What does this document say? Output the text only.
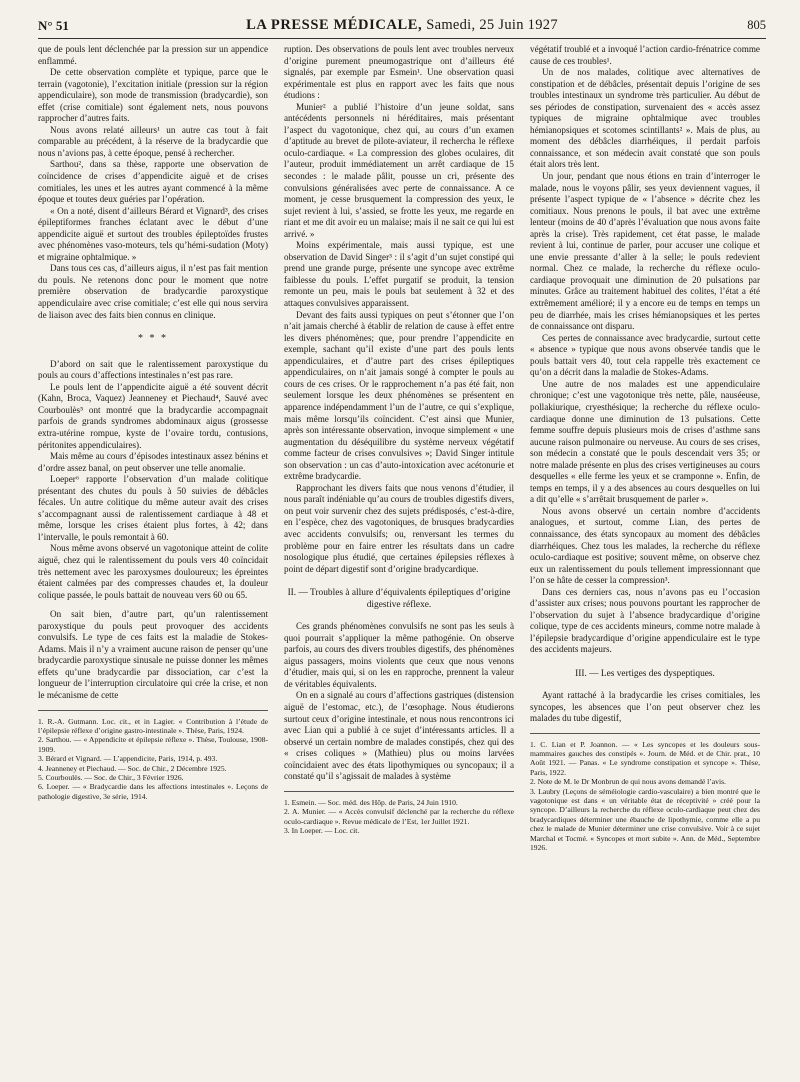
N° 51	LA PRESSE MÉDICALE, Samedi, 25 Juin 1927	805

que de pouls lent déclenchée par la pression sur un appendice enflammé.

De cette observation complète et typique, parce que le terrain (vagotonie), l’excitation initiale (pression sur la région appendiculaire), son mode de transmission (bradycardie), son effet (crise comitiale) sont également nets, nous pouvons rapprocher d’autres faits.

Nous avons relaté ailleurs¹ un autre cas tout à fait comparable au précédent, à la réserve de la bradycardie que nous n’avions pas, à cette époque, pensé à rechercher.

Sarthou², dans sa thèse, rapporte une observation de coïncidence de crises d’appendicite aiguë et de crises comitiales, les unes et les autres ayant commencé à la même époque et toutes deux guéries par l’opération.

« On a noté, disent d’ailleurs Bérard et Vignard³, des crises épileptiformes franches éclatant avec le début d’une appendicite aiguë et surtout des troubles épileptoïdes frustes avec phénomènes vaso-moteurs, tels qu’hémi-sudation (Moty) et migraine ophtalmique. »

Dans tous ces cas, d’ailleurs aigus, il n’est pas fait mention du pouls. Ne retenons donc pour le moment que notre première observation de bradycardie paroxystique appendiculaire avec crise comitiale; c’est elle qui nous servira de liaison avec des faits bien connus en clinique.

* * *

D’abord on sait que le ralentissement paroxystique du pouls au cours d’affections intestinales n’est pas rare.

Le pouls lent de l’appendicite aiguë a été souvent décrit (Kahn, Broca, Vaquez) Jeanneney et Piechaud⁴, Sauvé avec Courboulès⁵ ont montré que la bradycardie accompagnait parfois de grands syndromes abdominaux aigus (grossesse extra-utérine rompue, kyste de l’ovaire tordu, contusions, péritonites appendiculaires).

Mais même au cours d’épisodes intestinaux assez bénins et d’ordre assez banal, on peut observer une telle anomalie.

Loeper⁶ rapporte l’observation d’un malade colitique présentant des chutes du pouls à 50 suivies de débâcles fécales. Un autre colitique du même auteur avait des crises s’accompagnant aussi de ralentissement cardiaque à 48 et même, lorsque les crises étaient plus fortes, à 42; dans l’intervalle, le pouls remontait à 60.

Nous même avons observé un vagotonique atteint de colite aiguë, chez qui le ralentissement du pouls vers 40 coïncidait très nettement avec les paroxysmes douloureux; les épreintes étaient calmées par des compresses chaudes et, la douleur colique passée, le pouls battait de nouveau vers 60 ou 65.

On sait bien, d’autre part, qu’un ralentissement paroxystique du pouls peut provoquer des accidents convulsifs. Le type de ces faits est la maladie de Stokes-Adams. Mais il n’y a vraiment aucune raison de penser qu’une bradycardie paroxystique sinusale ne puisse donner les mêmes effets qu’une bradycardie par dissociation, car c’est la longueur de l’interruption circulatoire qui crée la crise, et non le mécanisme de cette

1. R.-A. Gutmann. Loc. cit., et in Lagier. « Contribution à l’étude de l’épilepsie réflexe d’origine gastro-intestinale ». Thèse, Paris, 1924.

2. Sarthou. — « Appendicite et épilepsie réflexe ». Thèse, Toulouse, 1908-1909.

3. Bérard et Vignard. — L’appendicite, Paris, 1914, p. 493.

4. Jeanneney et Piechaud. — Soc. de Chir., 2 Décembre 1925.

5. Courboulès. — Soc. de Chir., 3 Février 1926.

6. Loeper. — « Bradycardie dans les affections intestinales ». Leçons de pathologie digestive, 3e série, 1914.

ruption. Des observations de pouls lent avec troubles nerveux d’origine purement pneumogastrique ont d’ailleurs été signalés, par exemple par Esmein¹. Une observation quasi expérimentale est plus en rapport avec les faits que nous étudions :

Munier² a publié l’histoire d’un jeune soldat, sans antécédents personnels ni héréditaires, mais présentant l’aspect du vagotonique, chez qui, au cours d’un examen d’aptitude au brevet de pilote-aviateur, il rechercha le réflexe oculo-cardiaque. « La compression des globes oculaires, dit l’auteur, produit immédiatement un arrêt cardiaque de 15 secondes : le malade pâlit, pousse un cri, présente des convulsions généralisées avec perte de connaissance. A ce moment, je cesse brusquement la compression des yeux, le sujet revient à lui, s’assied, se frotte les yeux, me regarde en riant et me dit avoir eu un malaise; mais il ne sait ce qui lui est arrivé. »

Moins expérimentale, mais aussi typique, est une observation de David Singer³ : il s’agit d’un sujet constipé qui prend une grande purge, présente une syncope avec extrême faiblesse du pouls. L’effet purgatif se produit, la tension remonte un peu, mais le pouls bat seulement à 32 et des attaques convulsives apparaissent.

Devant des faits aussi typiques on peut s’étonner que l’on n’ait jamais cherché à établir de relation de cause à effet entre les divers phénomènes; que, pour prendre l’appendicite en exemple, sachant qu’il existe d’une part des pouls lents appendiculaires, et d’autre part des crises épileptiques appendiculaires, on n’ait jamais songé à compter le pouls au cours de ces crises. Or le rapprochement n’a pas été fait, non seulement lorsque les deux phénomènes se présentent en apparence indépendamment l’un de l’autre, ce qui s’explique, mais même lorsqu’ils coïncident. C’est ainsi que Munier, après son intéressante observation, invoque simplement « une augmentation du déséquilibre du système nerveux végétatif comme facteur de crises convulsives »; David Singer intitule son observation : un cas d’auto-intoxication avec acétonurie et extrême bradycardie.

Rapprochant les divers faits que nous venons d’étudier, il nous paraît indéniable qu’au cours de troubles digestifs divers, on peut voir survenir chez des sujets prédisposés, c’est-à-dire, en l’espèce, chez des vagotoniques, de brusques bradycardies avec accidents convulsifs; ou, renversant les termes du problème pour en faire entrer les résultats dans un cadre nosologique plus étudié, que certaines épilepsies réflexes à point de départ digestif sont d’origine bradycardique.

II. — Troubles à allure d’équivalents épileptiques d’origine digestive réflexe.

Ces grands phénomènes convulsifs ne sont pas les seuls à quoi pourrait s’appliquer la même pathogénie. On observe parfois, au cours des divers troubles digestifs, des phénomènes aigus passagers, moins violents que ceux que nous venons d’étudier, mais qui, si on les en rapproche, prennent la valeur de véritables équivalents.

On en a signalé au cours d’affections gastriques (distension aiguë de l’estomac, etc.), de l’œsophage. Nous étudierons surtout ceux d’origine intestinale, et nous nous rencontrons ici avec Lian qui a publié à ce sujet d’intéressants articles. Il a observé un certain nombre de malades constipés, chez qui des « crises coliques » (Mathieu) plus ou moins larvées coïncidaient avec des états lipothymiques ou syncopaux; il a constaté qu’il s’agissait de malades à système

1. Esmein. — Soc. méd. des Hôp. de Paris, 24 Juin 1910.

2. A. Munier. — « Accès convulsif déclenché par la recherche du réflexe oculo-cardiaque ». Revue médicale de l’Est, 1er Juillet 1921.

3. In Loeper. — Loc. cit.

végétatif troublé et a invoqué l’action cardio-frénatrice comme cause de ces troubles¹.

Un de nos malades, colitique avec alternatives de constipation et de débâcles, présentait depuis l’origine de ses troubles intestinaux un syndrome très particulier. Au début de ses périodes de constipation, survenaient des « accès assez typiques de migraine ophtalmique avec troubles hémianopsiques et scotomes scintillants² ». Mais de plus, au moment des débâcles diarrhéiques, il perdait parfois connaissance, et son médecin avait constaté que son pouls était alors très lent.

Un jour, pendant que nous étions en train d’interroger le malade, nous le voyons pâlir, ses yeux deviennent vagues, il présente l’aspect typique de « l’absence » décrite chez les comitiaux. Nous prenons le pouls, il bat avec une extrême lenteur (moins de 40 d’après l’évaluation que nous avons faite après la crise). Très rapidement, cet état passe, le malade revient à lui, continue de parler, pour accuser une colique et une envie pressante d’aller à la selle; le pouls redevient normal. Chez ce malade, la recherche du réflexe oculo-cardiaque provoquait une diminution de 20 pulsations par minutes. Grâce au traitement habituel des colites, l’état a été extrêmement amélioré; il y a encore eu de temps en temps un peu de diarrhée, mais les crises hémianopsiques et les pertes de connaissance ont disparu.

Ces pertes de connaissance avec bradycardie, surtout cette « absence » typique que nous avons observée tandis que le pouls battait vers 40, tout cela rappelle très exactement ce qu’on a décrit dans la maladie de Stokes-Adams.

Une autre de nos malades est une appendiculaire chronique; c’est une vagotonique très nette, pâle, nauséeuse, pollakiurique, cryesthésique; la recherche du réflexe oculo-cardiaque donne une diminution de 13 pulsations. Cette femme souffre depuis plusieurs mois de crises d’asthme sans aucune raison pulmonaire ou nerveuse. Au cours de ses crises, son médecin a constaté que le pouls descendait vers 35; or notre malade présente en plus des crises vertigineuses au cours desquelles « elle ferme les yeux et se cramponne ». Enfin, de temps en temps, il y a des absences au cours desquelles on lui a dit qu’elle « s’arrêtait brusquement de parler ».

Nous avons observé un certain nombre d’accidents analogues, et surtout, comme Lian, des pertes de connaissance, des états syncopaux au moment des débâcles diarrhéiques. Chez tous les malades, la recherche du réflexe oculo-cardiaque est positive; souvent même, on observe chez eux un ralentissement du pouls tellement impressionnant que l’on se hâte de cesser la compression³.

Dans ces derniers cas, nous n’avons pas eu l’occasion d’assister aux crises; nous pouvons pourtant les rapprocher de l’observation du sujet à l’absence bradycardique d’origine colique, type de ces accidents mineurs, comme notre malade à l’épilepsie bradycardique d’origine appendiculaire est le type des accidents majeurs.

III. — Les vertiges des dyspeptiques.

Ayant rattaché à la bradycardie les crises comitiales, les syncopes, les absences que l’on peut observer chez les malades du tube digestif,

1. C. Lian et P. Joannon. — « Les syncopes et les douleurs sous-mammaires gauches des constipés ». Journ. de Méd. et de Chir. prat., 10 Août 1921. — Panas. « Le syndrome constipation et syncope ». Thèse, Paris, 1922.

2. Note de M. le Dr Monbrun de qui nous avons demandé l’avis.

3. Laubry (Leçons de séméiologie cardio-vasculaire) a bien montré que le vagotonique est dans « un véritable état de réceptivité » créé pour la syncope. D’ailleurs la recherche du réflexe oculo-cardiaque peut chez des bradycardiques déterminer une ébauche de lipothymie, comme elle a pu chez le malade de Munier déterminer une crise convulsive. Voir à ce sujet Marchal et Tocmé. « Syncopes et mort subite ». Ann. de Méd., Septembre 1926.
